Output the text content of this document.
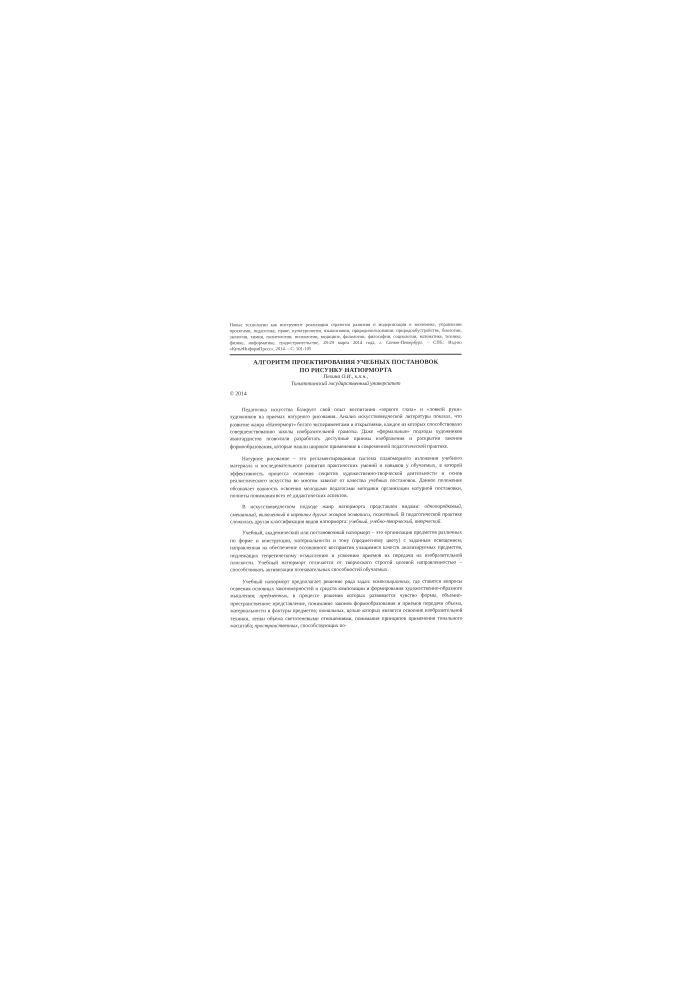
Новые технологии как инструмент реализации стратегии развития и модернизации в экономике, управлении проектами, педагогике, праве, культурологии, языкознании, природопользовании, природообустройстве, биологии, экологии, химии, политологии, психологии, медицине, филологии, философии, социологии, математике, технике, физике, информатике, градостроительстве, 28-29 марта 2014 года, г. Санкт-Петербург. – СПб.: Изд-во «КультИнформПресс», 2014. – С. 101-105
АЛГОРИТМ ПРОЕКТИРОВАНИЯ УЧЕБНЫХ ПОСТАНОВОК
ПО РИСУНКУ НАТЮРМОРТА
Пехина О.И., к.п.н.,
Тольяттинский государственный университет
© 2014

Педагогика искусства базирует свой опыт воспитания «зоркого глаза» и «ловкой руки» художников на приемах натурного рисования. Анализ искусствоведческой литературы показал, что развитие жанра «Натюрморт» богато экспериментами и открытиями, каждое из которых способствовало совершенствованию школы изобразительной грамоты. Даже «формальные» подходы художников авангардистов позволили разработать доступные приемы изображения и раскрытия законов формообразования, которые нашли широкое применение в современной педагогической практике.

Натурное рисование – это регламентированная система планомерного изложения учебного материала и последовательного развития практических умений и навыков у обучаемых, в которой эффективность процесса освоения секретов художественно-творческой деятельности и основ реалистического искусства во многом зависит от качества учебных постановок. Данное положение обозначает важность освоения молодыми педагогами методики организации натурной постановки, полноты понимания всех её дидактических аспектов.

В искусствоведческом подходе жанр натюрморта представлен видами: однопорядковый, смешанный, включенный в картины других жанров живописи, сюжетный. В педагогической практике сложилась другая классификация видов натюрморта: учебный, учебно-творческий, творческий.

Учебный, академический или постановочный натюрморт – это организация предметов различных по форме и конструкции, материальности и тону (предметному цвету) с заданным освещением, направленная на обеспечение осознанного восприятия учащимися качеств анализируемых предметов, подлежащих теоретическому осмыслению и усвоению приемов их передачи на изобразительной плоскости. Учебный натюрморт отличается от творческого строгой целевой направленностью – способствовать активизации познавательных способностей обучаемых.

Учебный натюрморт предполагает решение ряда задач: композиционных, где ставятся вопросы освоения основных закономерностей и средств композиции и формирования художественно-образного мышления; предметных, в процессе решения которых развивается чувство формы, объемно-пространственное представление, понимание законов формообразования и приемов передачи объема, материальности и фактуры предметов; тональных, целью которых является освоение изобразительной техники, лепки объема светотеневыми отношениями, понимания принципов применения тонального масштаба; пространственных, способствующих по-
